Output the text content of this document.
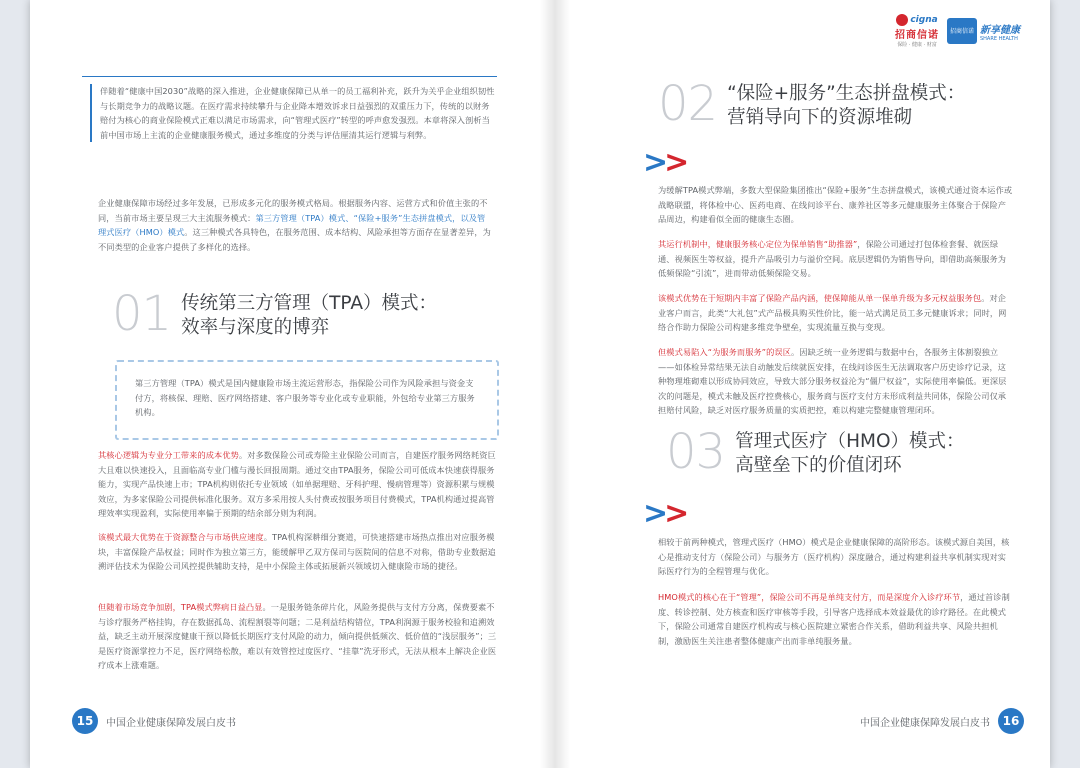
伴随着“健康中国2030”战略的深入推进，企业健康保障已从单一的员工福利补充，跃升为关乎企业组织韧性与长期竞争力的战略议题。在医疗需求持续攀升与企业降本增效诉求日益强烈的双重压力下，传统的以财务赔付为核心的商业保险模式正难以满足市场需求，向“管理式医疗”转型的呼声愈发强烈。本章将深入剖析当前中国市场上主流的企业健康服务模式，通过多维度的分类与评估厘清其运行逻辑与利弊。

企业健康保障市场经过多年发展，已形成多元化的服务模式格局。根据服务内容、运营方式和价值主张的不同，当前市场主要呈现三大主流服务模式：第三方管理（TPA）模式、“保险+服务”生态拼盘模式，以及管理式医疗（HMO）模式。这三种模式各具特色，在服务范围、成本结构、风险承担等方面存在显著差异，为不同类型的企业客户提供了多样化的选择。

01 传统第三方管理（TPA）模式：
效率与深度的博弈

第三方管理（TPA）模式是国内健康险市场主流运营形态，指保险公司作为风险承担与资金支付方，将核保、理赔、医疗网络搭建、客户服务等专业化或专业职能，外包给专业第三方服务机构。

其核心逻辑为专业分工带来的成本优势。对多数保险公司或寿险主业保险公司而言，自建医疗服务网络耗资巨大且难以快速投入，且面临高专业门槛与漫长回报周期。通过交由TPA服务，保险公司可低成本快速获得服务能力，实现产品快速上市；TPA机构则依托专业领域（如单据理赔、牙科护理、慢病管理等）资源积累与规模效应，为多家保险公司提供标准化服务。双方多采用按人头付费或按服务项目付费模式，TPA机构通过提高管理效率实现盈利，实际使用率偏于预期的结余部分则为利润。

该模式最大优势在于资源整合与市场供应速度。TPA机构深耕细分赛道，可快速搭建市场热点推出对应服务模块，丰富保险产品权益；同时作为独立第三方，能缓解甲乙双方保司与医院间的信息不对称，借助专业数据追溯评估技术为保险公司风控提供辅助支持，是中小保险主体或拓展新兴领域切入健康险市场的捷径。

但随着市场竞争加剧，TPA模式弊病日益凸显。一是服务链条碎片化，风险务提供与支付方分离，保费要素不与诊疗服务严格挂钩，存在数据孤岛、流程割裂等问题；二是利益结构错位，TPA利润源于服务校验和追溯效益，缺乏主动开展深度健康干预以降低长期医疗支付风险的动力，倾向提供低频次、低价值的“浅层服务”；三是医疗资源掌控力不足，医疗网络松散，难以有效管控过度医疗、“挂靠”洗牙形式，无法从根本上解决企业医疗成本上涨难题。

15	中国企业健康保障发展白皮书
cigna
招商信诺
保险 · 健康 · 财富
招商信诺 新享健康
SHARE HEALTH
02 “保险+服务”生态拼盘模式：
营销导向下的资源堆砌
>>

为缓解TPA模式弊端，多数大型保险集团推出“保险+服务”生态拼盘模式，该模式通过资本运作或战略联盟，将体检中心、医药电商、在线问诊平台、康养社区等多元健康服务主体聚合于保险产品周边，构建看似全面的健康生态圈。

其运行机制中，健康服务核心定位为保单销售“助推器”，保险公司通过打包体检套餐、就医绿通、视频医生等权益，提升产品吸引力与溢价空间。底层逻辑仍为销售导向，即借助高频服务为低频保险“引流”，进而带动低频保险交易。

该模式优势在于短期内丰富了保险产品内涵，使保障能从单一保单升级为多元权益服务包。对企业客户而言，此类“大礼包”式产品极具购买性价比，能一站式满足员工多元健康诉求；同时，网络合作助力保险公司构建多维竞争壁垒，实现流量互换与变现。

但模式易陷入“为服务而服务”的误区。因缺乏统一业务逻辑与数据中台，各服务主体割裂独立——如体检异常结果无法自动触发后续就医安排，在线问诊医生无法调取客户历史诊疗记录，这种物理堆砌难以形成协同效应，导致大部分服务权益沦为“僵尸权益”，实际使用率偏低。更深层次的问题是，模式未触及医疗控费核心，服务商与医疗支付方未形成利益共同体，保险公司仅承担赔付风险，缺乏对医疗服务质量的实质把控，难以构建完整健康管理闭环。

03 管理式医疗（HMO）模式：
高壁垒下的价值闭环
>>

相较于前两种模式，管理式医疗（HMO）模式是企业健康保障的高阶形态。该模式源自美国，核心是推动支付方（保险公司）与服务方（医疗机构）深度融合，通过构建利益共享机制实现对实际医疗行为的全程管理与优化。

HMO模式的核心在于“管理”，保险公司不再是单纯支付方，而是深度介入诊疗环节，通过首诊制度、转诊控制、处方核查和医疗审核等手段，引导客户选择成本效益最优的诊疗路径。在此模式下，保险公司通常自建医疗机构或与核心医院建立紧密合作关系，借助利益共享、风险共担机制，激励医生关注患者整体健康产出而非单纯服务量。

中国企业健康保障发展白皮书	16
